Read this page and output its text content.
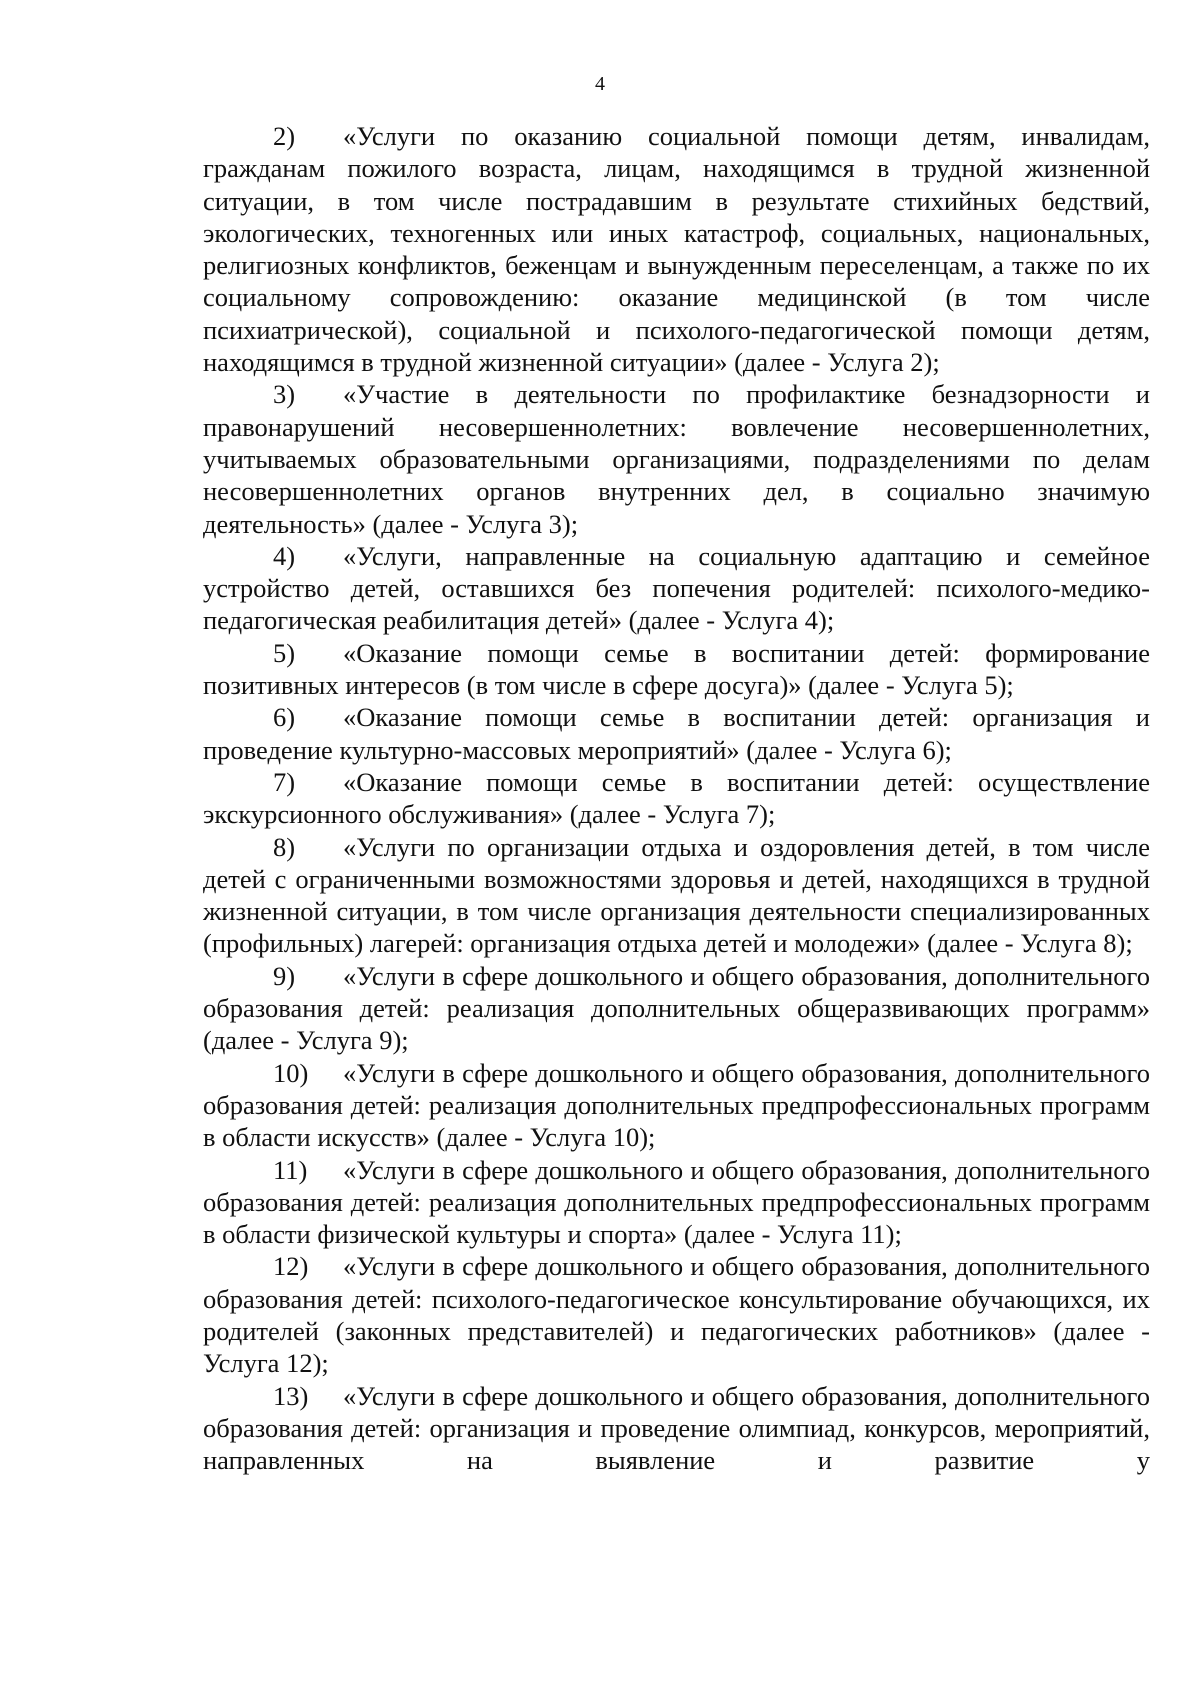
4

2) «Услуги по оказанию социальной помощи детям, инвалидам, гражданам пожилого возраста, лицам, находящимся в трудной жизненной ситуации, в том числе пострадавшим в результате стихийных бедствий, экологических, техногенных или иных катастроф, социальных, национальных, религиозных конфликтов, беженцам и вынужденным переселенцам, а также по их социальному сопровождению: оказание медицинской (в том числе психиатрической), социальной и психолого-педагогической помощи детям, находящимся в трудной жизненной ситуации» (далее - Услуга 2);

3) «Участие в деятельности по профилактике безнадзорности и правонарушений несовершеннолетних: вовлечение несовершеннолетних, учитываемых образовательными организациями, подразделениями по делам несовершеннолетних органов внутренних дел, в социально значимую деятельность» (далее - Услуга 3);

4) «Услуги, направленные на социальную адаптацию и семейное устройство детей, оставшихся без попечения родителей: психолого-медико-педагогическая реабилитация детей» (далее - Услуга 4);

5) «Оказание помощи семье в воспитании детей: формирование позитивных интересов (в том числе в сфере досуга)» (далее - Услуга 5);

6) «Оказание помощи семье в воспитании детей: организация и проведение культурно-массовых мероприятий» (далее - Услуга 6);

7) «Оказание помощи семье в воспитании детей: осуществление экскурсионного обслуживания» (далее - Услуга 7);

8) «Услуги по организации отдыха и оздоровления детей, в том числе детей с ограниченными возможностями здоровья и детей, находящихся в трудной жизненной ситуации, в том числе организация деятельности специализированных (профильных) лагерей: организация отдыха детей и молодежи» (далее - Услуга 8);

9) «Услуги в сфере дошкольного и общего образования, дополнительного образования детей: реализация дополнительных общеразвивающих программ» (далее - Услуга 9);

10) «Услуги в сфере дошкольного и общего образования, дополнительного образования детей: реализация дополнительных предпрофессиональных программ в области искусств» (далее - Услуга 10);

11) «Услуги в сфере дошкольного и общего образования, дополнительного образования детей: реализация дополнительных предпрофессиональных программ в области физической культуры и спорта» (далее - Услуга 11);

12) «Услуги в сфере дошкольного и общего образования, дополнительного образования детей: психолого-педагогическое консультирование обучающихся, их родителей (законных представителей) и педагогических работников» (далее - Услуга 12);

13) «Услуги в сфере дошкольного и общего образования, дополнительного образования детей: организация и проведение олимпиад, конкурсов, мероприятий, направленных на выявление и развитие у
